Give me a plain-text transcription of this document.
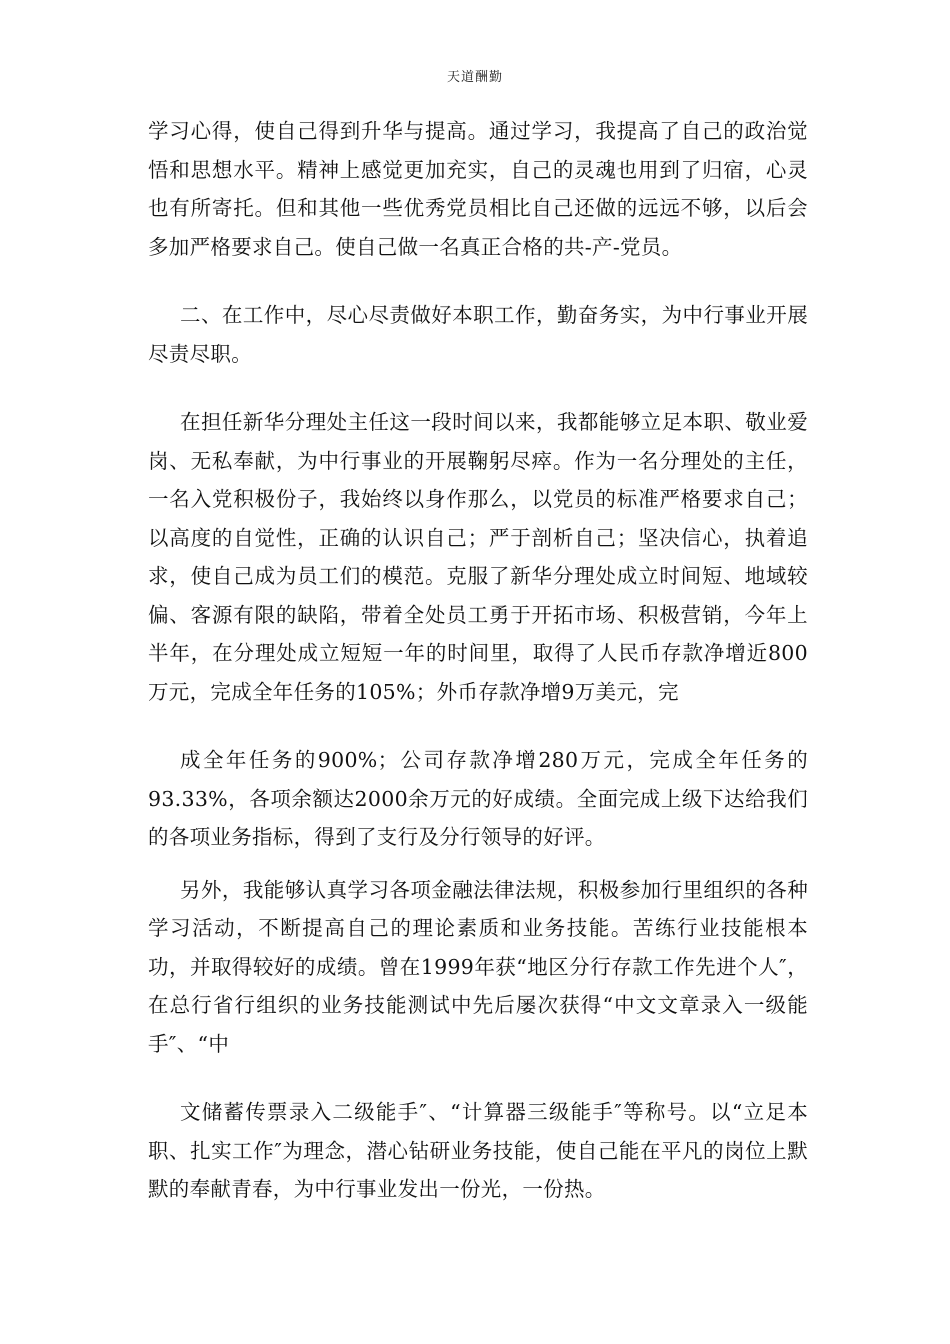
天道酬勤

学习心得，使自己得到升华与提高。通过学习，我提高了自己的政治觉悟和思想水平。精神上感觉更加充实，自己的灵魂也用到了归宿，心灵也有所寄托。但和其他一些优秀党员相比自己还做的远远不够，以后会多加严格要求自己。使自己做一名真正合格的共-产-党员。

二、在工作中，尽心尽责做好本职工作，勤奋务实，为中行事业开展尽责尽职。

在担任新华分理处主任这一段时间以来，我都能够立足本职、敬业爱岗、无私奉献，为中行事业的开展鞠躬尽瘁。作为一名分理处的主任，一名入党积极份子，我始终以身作那么，以党员的标准严格要求自己；以高度的自觉性，正确的认识自己；严于剖析自己；坚决信心，执着追求，使自己成为员工们的模范。克服了新华分理处成立时间短、地域较偏、客源有限的缺陷，带着全处员工勇于开拓市场、积极营销，今年上半年，在分理处成立短短一年的时间里，取得了人民币存款净增近800万元，完成全年任务的105%；外币存款净增9万美元，完

成全年任务的900%；公司存款净增280万元，完成全年任务的93.33%，各项余额达2000余万元的好成绩。全面完成上级下达给我们的各项业务指标，得到了支行及分行领导的好评。

另外，我能够认真学习各项金融法律法规，积极参加行里组织的各种学习活动，不断提高自己的理论素质和业务技能。苦练行业技能根本功，并取得较好的成绩。曾在1999年获“地区分行存款工作先进个人″，在总行省行组织的业务技能测试中先后屡次获得“中文文章录入一级能手″、“中

文储蓄传票录入二级能手″、“计算器三级能手″等称号。以“立足本职、扎实工作″为理念，潜心钻研业务技能，使自己能在平凡的岗位上默默的奉献青春，为中行事业发出一份光，一份热。
